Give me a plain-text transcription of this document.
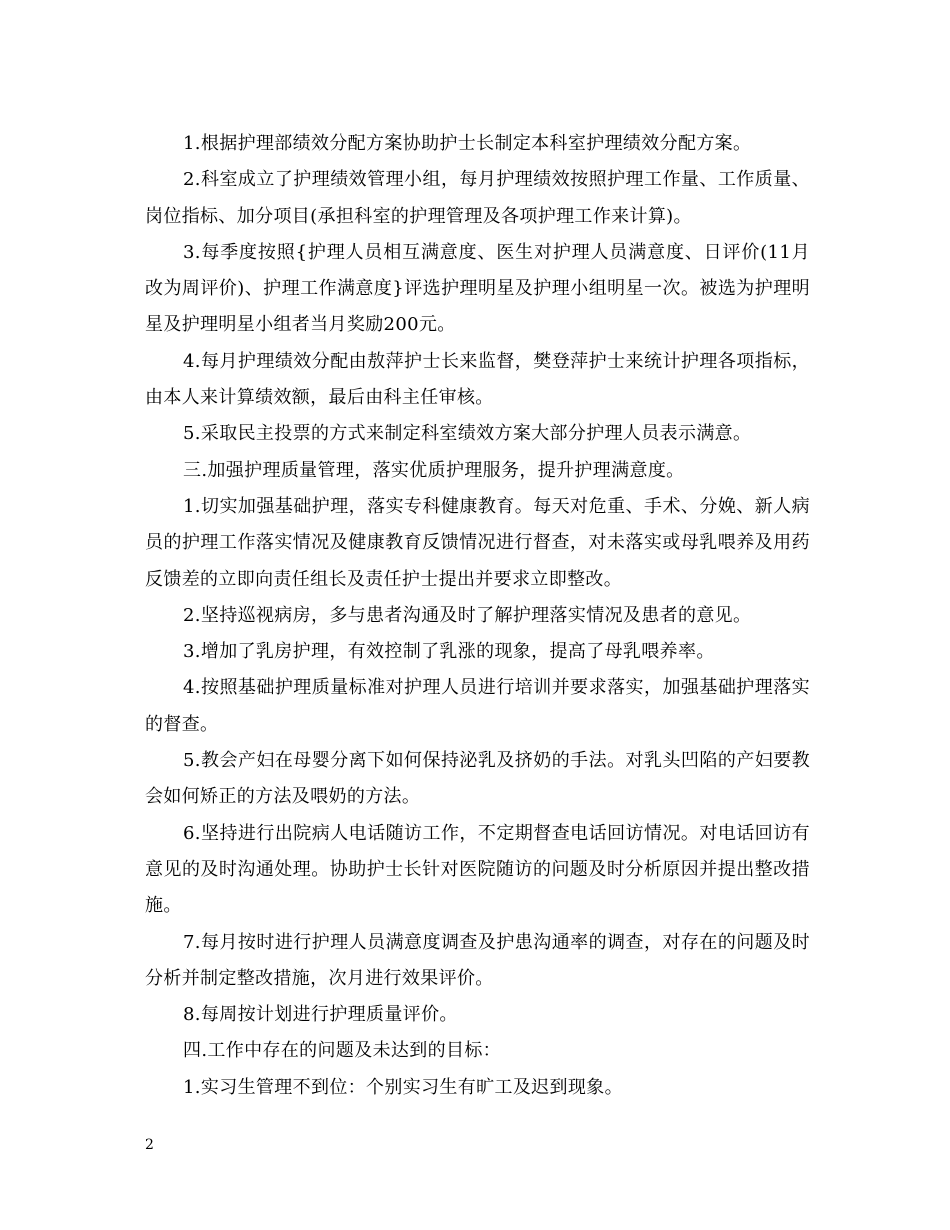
1.根据护理部绩效分配方案协助护士长制定本科室护理绩效分配方案。

2.科室成立了护理绩效管理小组，每月护理绩效按照护理工作量、工作质量、岗位指标、加分项目(承担科室的护理管理及各项护理工作来计算)。

3.每季度按照{护理人员相互满意度、医生对护理人员满意度、日评价(11月改为周评价)、护理工作满意度}评选护理明星及护理小组明星一次。被选为护理明星及护理明星小组者当月奖励200元。

4.每月护理绩效分配由敖萍护士长来监督，樊登萍护士来统计护理各项指标，由本人来计算绩效额，最后由科主任审核。

5.采取民主投票的方式来制定科室绩效方案大部分护理人员表示满意。

三.加强护理质量管理，落实优质护理服务，提升护理满意度。

1.切实加强基础护理，落实专科健康教育。每天对危重、手术、分娩、新人病员的护理工作落实情况及健康教育反馈情况进行督查，对未落实或母乳喂养及用药反馈差的立即向责任组长及责任护士提出并要求立即整改。

2.坚持巡视病房，多与患者沟通及时了解护理落实情况及患者的意见。

3.增加了乳房护理，有效控制了乳涨的现象，提高了母乳喂养率。

4.按照基础护理质量标准对护理人员进行培训并要求落实，加强基础护理落实的督查。

5.教会产妇在母婴分离下如何保持泌乳及挤奶的手法。对乳头凹陷的产妇要教会如何矫正的方法及喂奶的方法。

6.坚持进行出院病人电话随访工作，不定期督查电话回访情况。对电话回访有意见的及时沟通处理。协助护士长针对医院随访的问题及时分析原因并提出整改措施。

7.每月按时进行护理人员满意度调查及护患沟通率的调查，对存在的问题及时分析并制定整改措施，次月进行效果评价。

8.每周按计划进行护理质量评价。

四.工作中存在的问题及未达到的目标：

1.实习生管理不到位：个别实习生有旷工及迟到现象。

2
